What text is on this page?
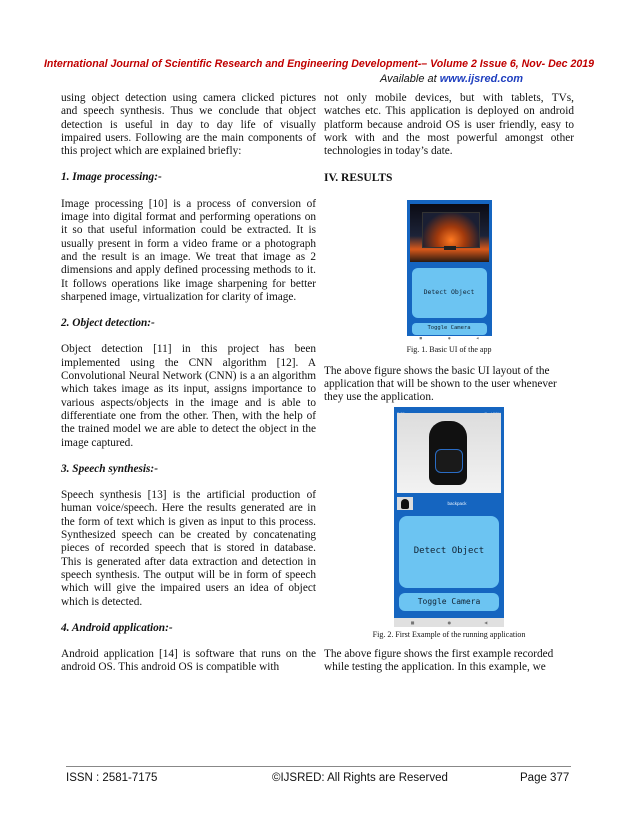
International Journal of Scientific Research and Engineering Development-– Volume 2 Issue 6, Nov- Dec 2019
Available at www.ijsred.com

using object detection using camera clicked pictures and speech synthesis. Thus we conclude that object detection is useful in day to day life of visually impaired users. Following are the main components of this project which are explained briefly:

1. Image processing:-

Image processing [10] is a process of conversion of image into digital format and performing operations on it so that useful information could be extracted. It is usually present in form a video frame or a photograph and the result is an image. We treat that image as 2 dimensions and apply defined processing methods to it. It follows operations like image sharpening for better sharpened image, virtualization for clarity of image.

2. Object detection:-

Object detection [11] in this project has been implemented using the CNN algorithm [12]. A Convolutional Neural Network (CNN) is a an algorithm which takes image as its input, assigns importance to various aspects/objects in the image and is able to differentiate one from the other. Then, with the help of the trained model we are able to detect the object in the image captured.

3. Speech synthesis:-

Speech synthesis [13] is the artificial production of human voice/speech. Here the results generated are in the form of text which is given as input to this process. Synthesized speech can be created by concatenating pieces of recorded speech that is stored in database. This is generated after data extraction and detection in speech synthesis. The output will be in form of speech which will give the impaired users an idea of object which is detected.

4. Android application:-

Android application [14] is software that runs on the android OS. This android OS is compatible with

not only mobile devices, but with tablets, TVs, watches etc. This application is deployed on android platform because android OS is user friendly, easy to work with and the most powerful amongst other technologies in today’s date.

IV. RESULTS
Detect Object
Toggle Camera
■	●	◀
Fig. 1. Basic UI of the app

The above figure shows the basic UI layout of the application that will be shown to the user whenever they use the application.

backpack
Detect Object
Toggle Camera
■	●	◀
Fig. 2. First Example of the running application

The above figure shows the first example recorded while testing the application. In this example, we

ISSN : 2581-7175	©IJSRED: All Rights are Reserved	Page 377
